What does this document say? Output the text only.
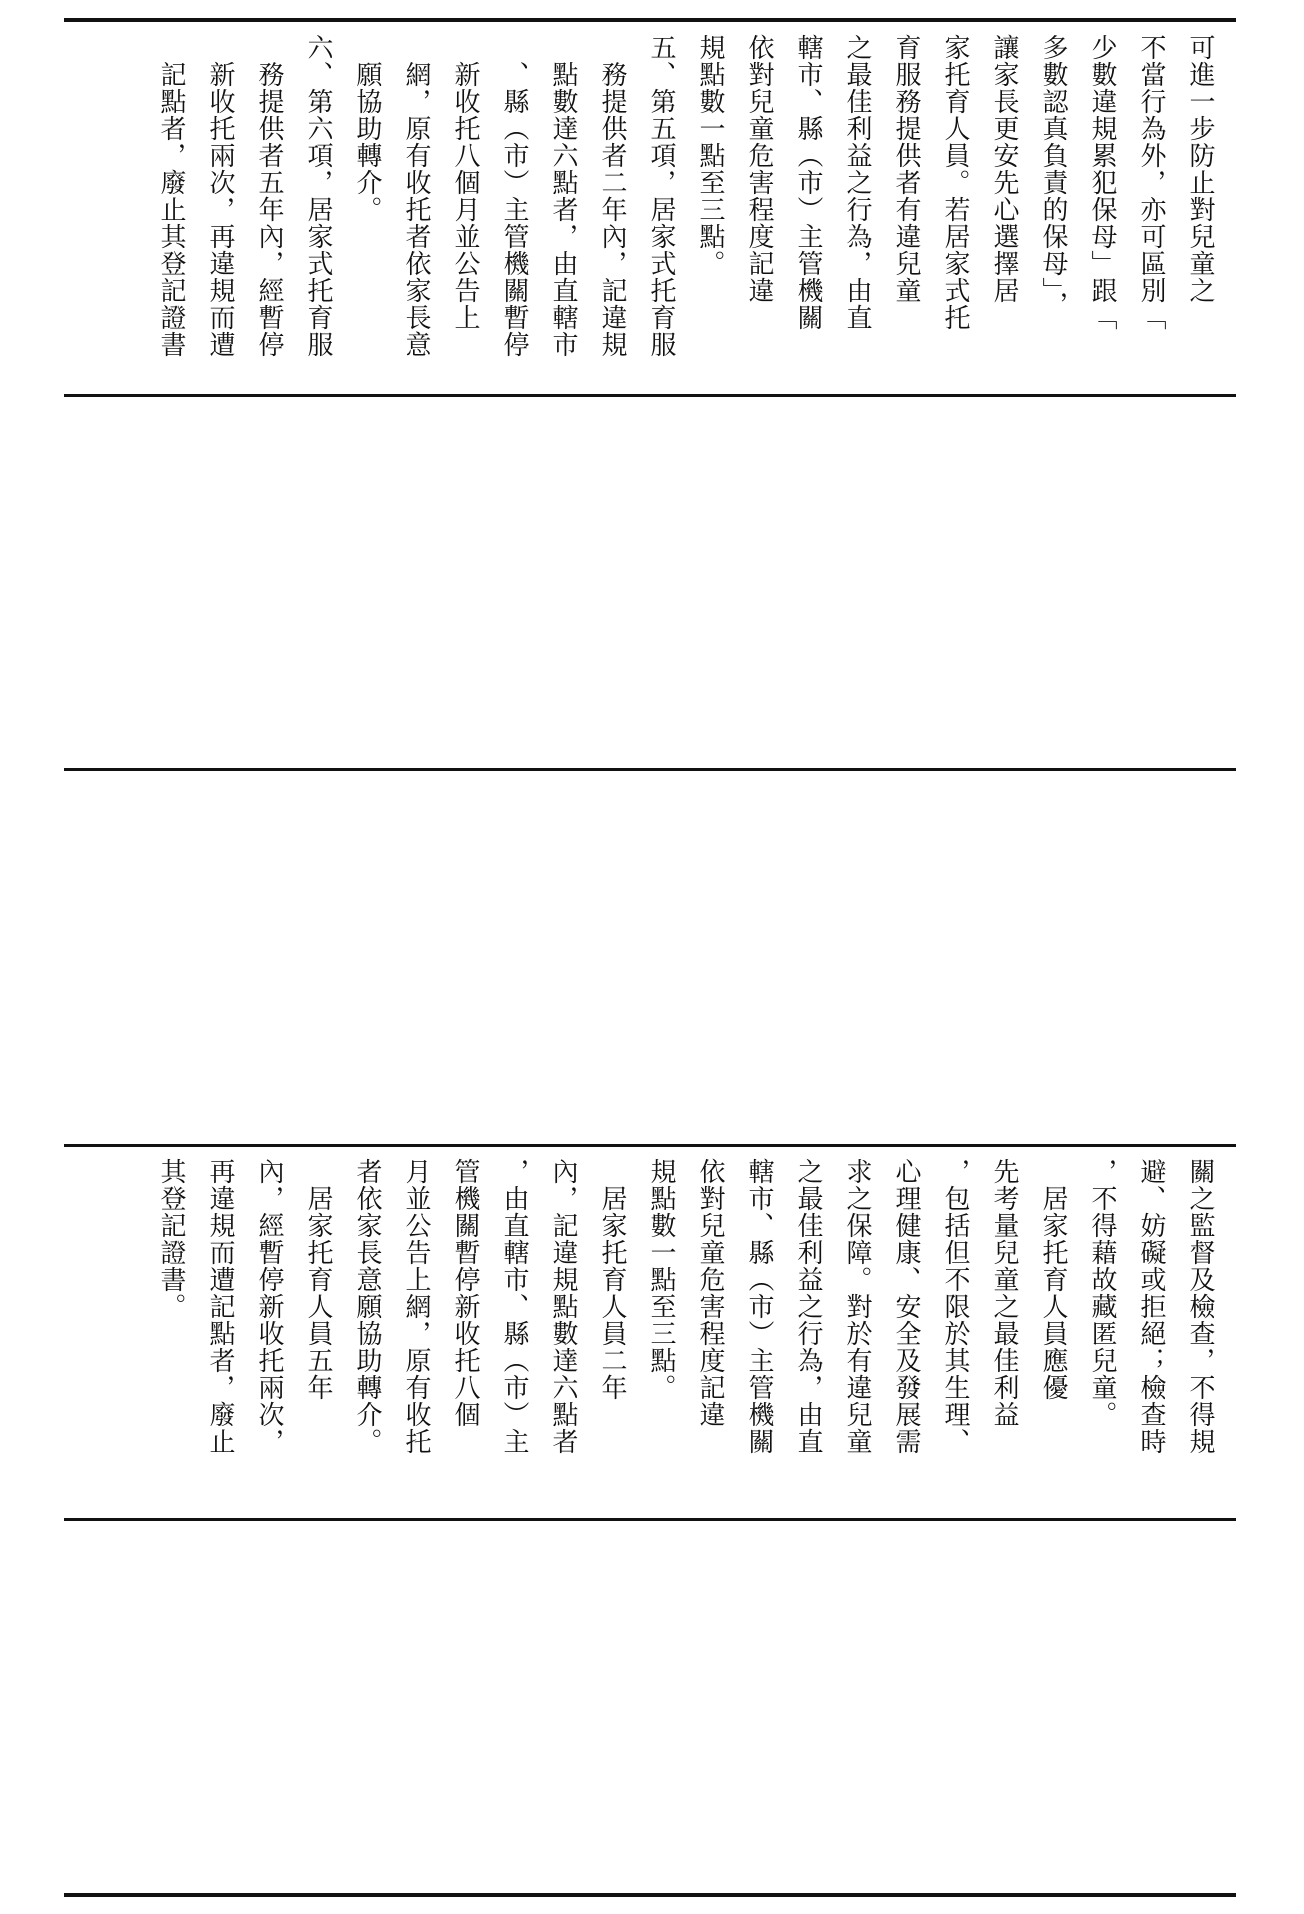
可進一步防止對兒童之
不當行為外，亦可區別「
少數違規累犯保母」跟「
多數認真負責的保母」，
讓家長更安先心選擇居
家托育人員。若居家式托
育服務提供者有違兒童
之最佳利益之行為，由直
轄市、縣（市）主管機關
依對兒童危害程度記違
規點數一點至三點。
五、第五項，居家式托育服
　務提供者二年內，記違規
　點數達六點者，由直轄市
　、縣（市）主管機關暫停
　新收托八個月並公告上
　網，原有收托者依家長意
　願協助轉介。
六、第六項，居家式托育服
　務提供者五年內，經暫停
　新收托兩次，再違規而遭
　記點者，廢止其登記證書
關之監督及檢查，不得規
避、妨礙或拒絕；檢查時
，不得藉故藏匿兒童。
　居家托育人員應優
先考量兒童之最佳利益
，包括但不限於其生理、
心理健康、安全及發展需
求之保障。對於有違兒童
之最佳利益之行為，由直
轄市、縣（市）主管機關
依對兒童危害程度記違
規點數一點至三點。
　居家托育人員二年
內，記違規點數達六點者
，由直轄市、縣（市）主
管機關暫停新收托八個
月並公告上網，原有收托
者依家長意願協助轉介。
　居家托育人員五年
內，經暫停新收托兩次，
再違規而遭記點者，廢止
其登記證書。
